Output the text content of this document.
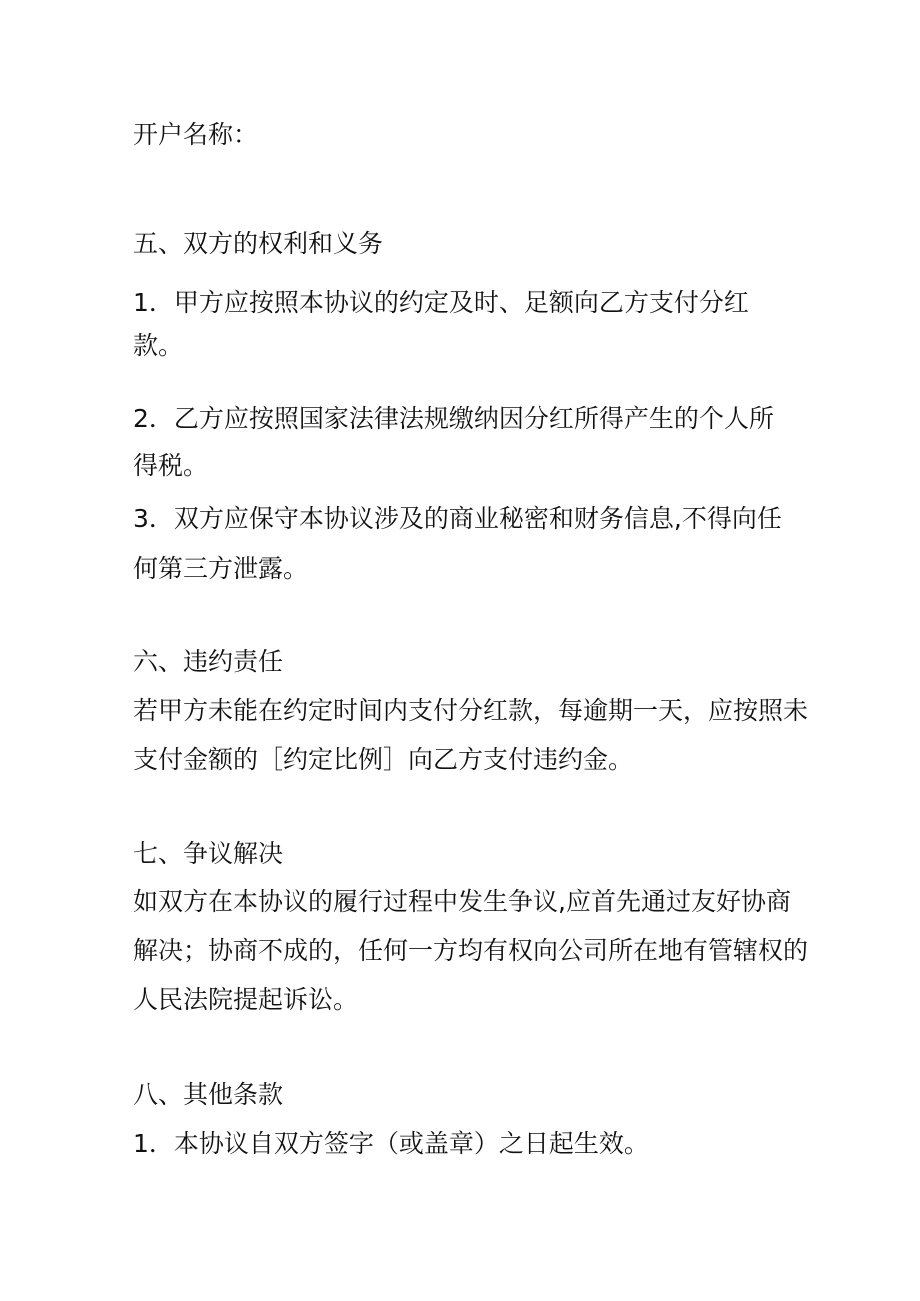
开户名称：
五、双方的权利和义务
1．甲方应按照本协议的约定及时、足额向乙方支付分红
款。
2．乙方应按照国家法律法规缴纳因分红所得产生的个人所
得税。
3．双方应保守本协议涉及的商业秘密和财务信息,不得向任
何第三方泄露。
六、违约责任
若甲方未能在约定时间内支付分红款，每逾期一天，应按照未
支付金额的［约定比例］向乙方支付违约金。
七、争议解决
如双方在本协议的履行过程中发生争议,应首先通过友好协商
解决；协商不成的，任何一方均有权向公司所在地有管辖权的
人民法院提起诉讼。
八、其他条款
1．本协议自双方签字（或盖章）之日起生效。
